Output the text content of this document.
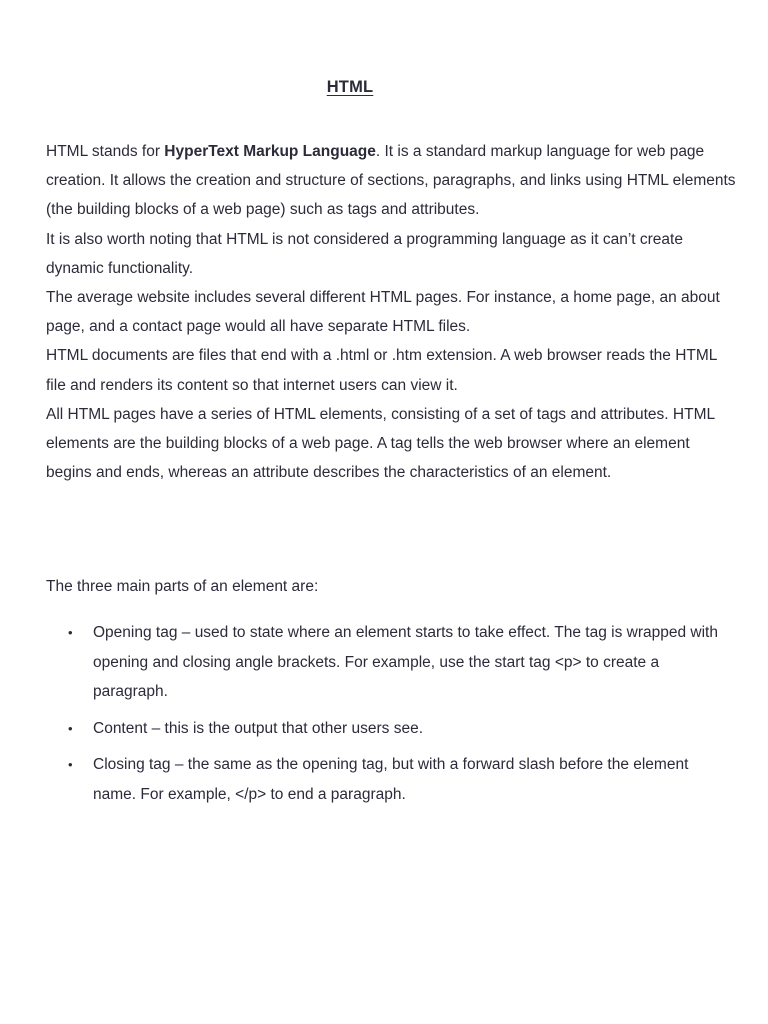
HTML

HTML stands for HyperText Markup Language. It is a standard markup language for web page creation. It allows the creation and structure of sections, paragraphs, and links using HTML elements (the building blocks of a web page) such as tags and attributes.

It is also worth noting that HTML is not considered a programming language as it can’t create dynamic functionality.

The average website includes several different HTML pages. For instance, a home page, an about page, and a contact page would all have separate HTML files.

HTML documents are files that end with a .html or .htm extension. A web browser reads the HTML file and renders its content so that internet users can view it.

All HTML pages have a series of HTML elements, consisting of a set of tags and attributes. HTML elements are the building blocks of a web page. A tag tells the web browser where an element begins and ends, whereas an attribute describes the characteristics of an element.

The three main parts of an element are:

• Opening tag – used to state where an element starts to take effect. The tag is wrapped with opening and closing angle brackets. For example, use the start tag <p> to create a paragraph.
• Content – this is the output that other users see.
• Closing tag – the same as the opening tag, but with a forward slash before the element name. For example, </p> to end a paragraph.
